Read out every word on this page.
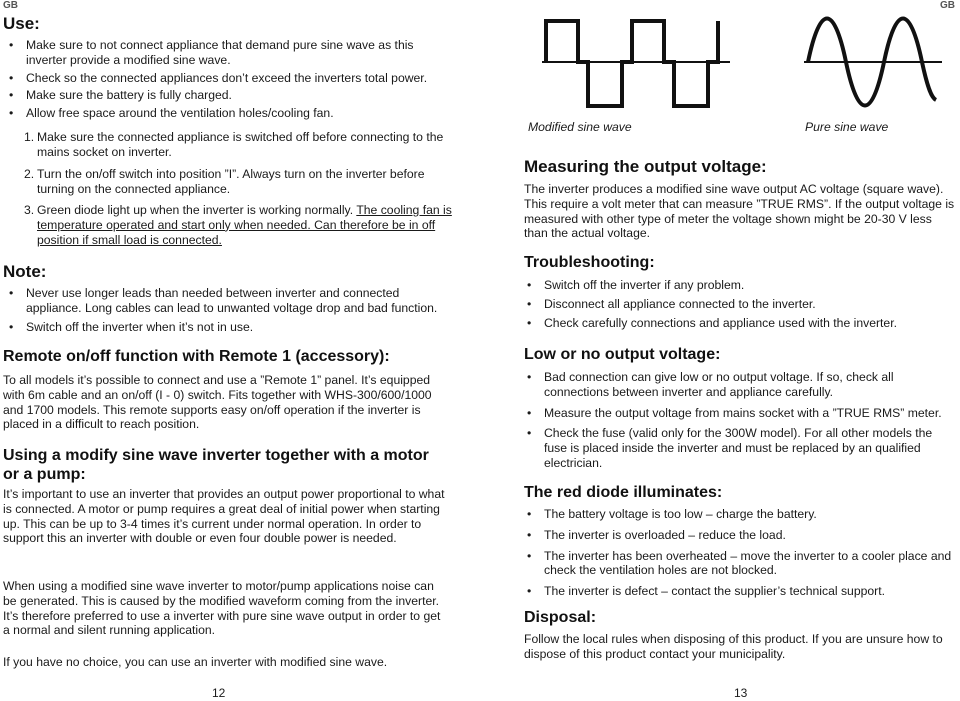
GB	GB
Use:
• Make sure to not connect appliance that demand pure sine wave as this inverter provide a modified sine wave.
• Check so the connected appliances don’t exceed the inverters total power.
• Make sure the battery is fully charged.
• Allow free space around the ventilation holes/cooling fan.
1. Make sure the connected appliance is switched off before connecting to the mains socket on inverter.
2. Turn the on/off switch into position ”I”. Always turn on the inverter before turning on the connected appliance.
3. Green diode light up when the inverter is working normally. The cooling fan is temperature operated and start only when needed. Can therefore be in off position if small load is connected.
Note:
• Never use longer leads than needed between inverter and connected appliance. Long cables can lead to unwanted voltage drop and bad function.
• Switch off the inverter when it’s not in use.
Remote on/off function with Remote 1 (accessory):

To all models it’s possible to connect and use a ”Remote 1” panel. It’s equipped with 6m cable and an on/off (I - 0) switch. Fits together with WHS-300/600/1000 and 1700 models. This remote supports easy on/off operation if the inverter is placed in a difficult to reach position.

Using a modify sine wave inverter together with a motor or a pump:

It’s important to use an inverter that provides an output power proportional to what is connected. A motor or pump requires a great deal of initial power when starting up. This can be up to 3-4 times it’s current under normal operation. In order to support this an inverter with double or even four double power is needed.

When using a modified sine wave inverter to motor/pump applications noise can be generated. This is caused by the modified waveform coming from the inverter. It’s therefore preferred to use a inverter with pure sine wave output in order to get a normal and silent running application.

If you have no choice, you can use an inverter with modified sine wave.

12
Modified sine wave	Pure sine wave
Measuring the output voltage:

The inverter produces a modified sine wave output AC voltage (square wave). This require a volt meter that can measure ”TRUE RMS”. If the output voltage is measured with other type of meter the voltage shown might be 20-30 V less than the actual voltage.

Troubleshooting:
• Switch off the inverter if any problem.
• Disconnect all appliance connected to the inverter.
• Check carefully connections and appliance used with the inverter.
Low or no output voltage:
• Bad connection can give low or no output voltage. If so, check all connections between inverter and appliance carefully.
• Measure the output voltage from mains socket with a ”TRUE RMS” meter.
• Check the fuse (valid only for the 300W model). For all other models the fuse is placed inside the inverter and must be replaced by an qualified electrician.
The red diode illuminates:
• The battery voltage is too low – charge the battery.
• The inverter is overloaded – reduce the load.
• The inverter has been overheated – move the inverter to a cooler place and check the ventilation holes are not blocked.
• The inverter is defect – contact the supplier’s technical support.
Disposal:

Follow the local rules when disposing of this product. If you are unsure how to dispose of this product contact your municipality.

13
